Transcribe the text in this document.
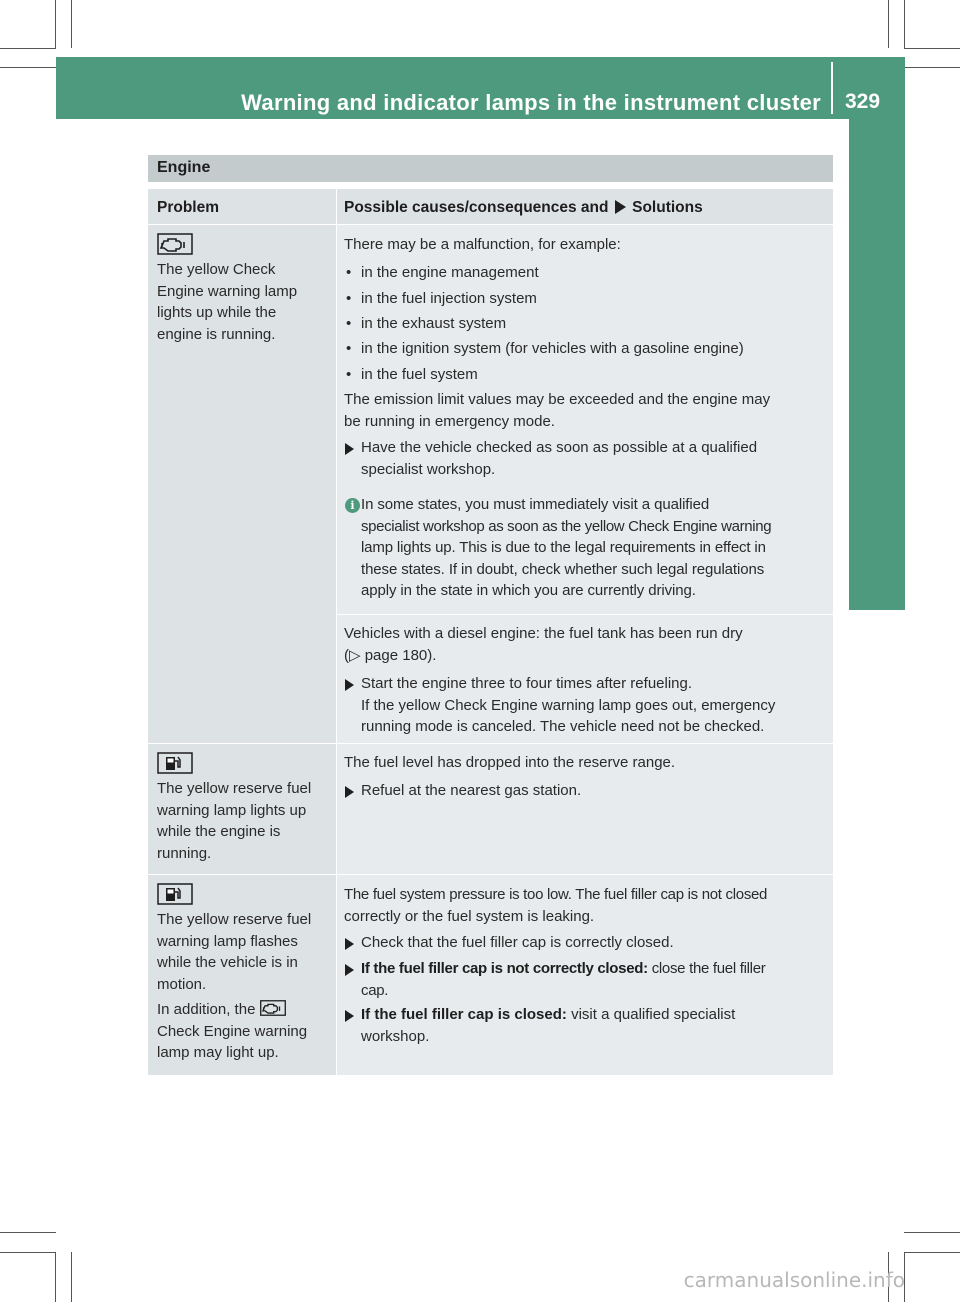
Warning and indicator lamps in the instrument cluster 329
On-board computer and displays
Engine
Problem	Possible causes/consequences and Solutions
The yellow Check
Engine warning lamp
lights up while the
engine is running.
There may be a malfunction, for example:
• in the engine management
• in the fuel injection system
• in the exhaust system
• in the ignition system (for vehicles with a gasoline engine)
• in the fuel system
The emission limit values may be exceeded and the engine may
be running in emergency mode.
Have the vehicle checked as soon as possible at a qualified
specialist workshop.
i In some states, you must immediately visit a qualified
specialist workshop as soon as the yellow Check Engine warning
lamp lights up. This is due to the legal requirements in effect in
these states. If in doubt, check whether such legal regulations
apply in the state in which you are currently driving.
Vehicles with a diesel engine: the fuel tank has been run dry
(▷ page 180).
Start the engine three to four times after refueling.
If the yellow Check Engine warning lamp goes out, emergency
running mode is canceled. The vehicle need not be checked.
The yellow reserve fuel
warning lamp lights up
while the engine is
running.
The fuel level has dropped into the reserve range.
Refuel at the nearest gas station.
The yellow reserve fuel
warning lamp flashes
while the vehicle is in
motion.
In addition, the
Check Engine warning
lamp may light up.
The fuel system pressure is too low. The fuel filler cap is not closed
correctly or the fuel system is leaking.
Check that the fuel filler cap is correctly closed.
If the fuel filler cap is not correctly closed: close the fuel filler
cap.
If the fuel filler cap is closed: visit a qualified specialist
workshop.
carmanualsonline.info
